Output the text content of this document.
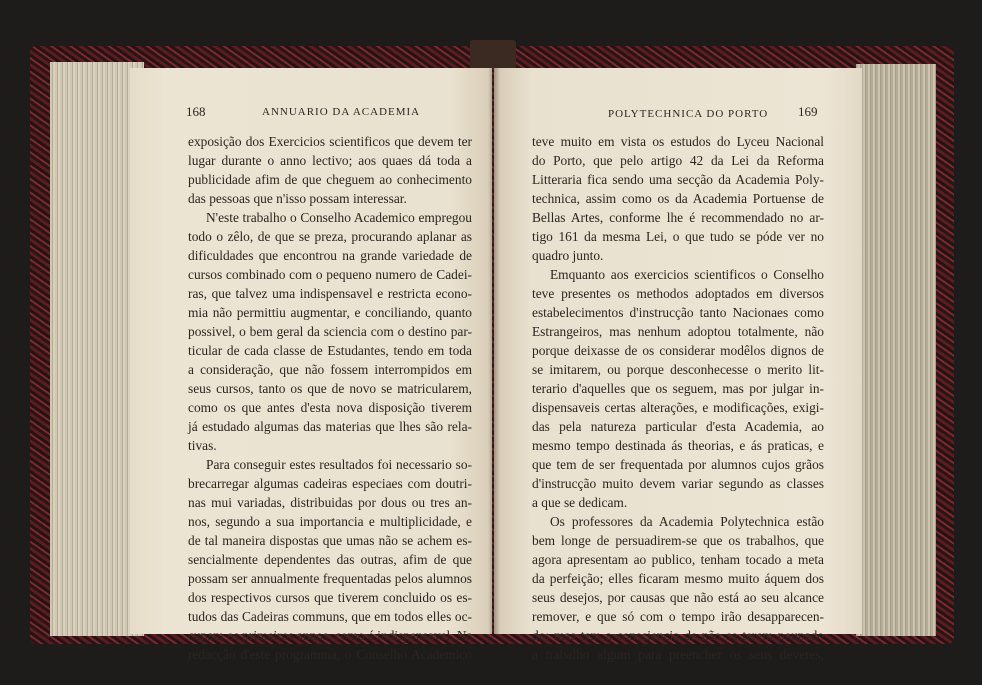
168	ANNUARIO DA ACADEMIA
exposição dos Exercicios scientificos que devem ter
lugar durante o anno lectivo; aos quaes dá toda a
publicidade afim de que cheguem ao conhecimento
das pessoas que n'isso possam interessar.
N'este trabalho o Conselho Academico empregou
todo o zêlo, de que se preza, procurando aplanar as
dificuldades que encontrou na grande variedade de
cursos combinado com o pequeno numero de Cadei-
ras, que talvez uma indispensavel e restricta econo-
mia não permittiu augmentar, e conciliando, quanto
possivel, o bem geral da sciencia com o destino par-
ticular de cada classe de Estudantes, tendo em toda
a consideração, que não fossem interrompidos em
seus cursos, tanto os que de novo se matricularem,
como os que antes d'esta nova disposição tiverem
já estudado algumas das materias que lhes são rela-
tivas.
Para conseguir estes resultados foi necessario so-
brecarregar algumas cadeiras especiaes com doutri-
nas mui variadas, distribuidas por dous ou tres an-
nos, segundo a sua importancia e multiplicidade, e
de tal maneira dispostas que umas não se achem es-
sencialmente dependentes das outras, afim de que
possam ser annualmente frequentadas pelos alumnos
dos respectivos cursos que tiverem concluido os es-
tudos das Cadeiras communs, que em todos elles oc-
cupam os primeiros annos, como é indispensavel. Na
redacção d'este programma, o Conselho Academico
POLYTECHNICA DO PORTO 169
teve muito em vista os estudos do Lyceu Nacional
do Porto, que pelo artigo 42 da Lei da Reforma
Litteraria fica sendo uma secção da Academia Poly-
technica, assim como os da Academia Portuense de
Bellas Artes, conforme lhe é recommendado no ar-
tigo 161 da mesma Lei, o que tudo se póde ver no
quadro junto.
Emquanto aos exercicios scientificos o Conselho
teve presentes os methodos adoptados em diversos
estabelecimentos d'instrucção tanto Nacionaes como
Estrangeiros, mas nenhum adoptou totalmente, não
porque deixasse de os considerar modêlos dignos de
se imitarem, ou porque desconhecesse o merito lit-
terario d'aquelles que os seguem, mas por julgar in-
dispensaveis certas alterações, e modificações, exigi-
das pela natureza particular d'esta Academia, ao
mesmo tempo destinada ás theorias, e ás praticas, e
que tem de ser frequentada por alumnos cujos grãos
d'instrucção muito devem variar segundo as classes
a que se dedicam.
Os professores da Academia Polytechnica estão
bem longe de persuadirem-se que os trabalhos, que
agora apresentam ao publico, tenham tocado a meta
da perfeição; elles ficaram mesmo muito áquem dos
seus desejos, por causas que não está ao seu alcance
remover, e que só com o tempo irão desapparecen-
do; mas tem a consciencia de não se terem poupado
a trabalho algum para preencher os seus deveres,
